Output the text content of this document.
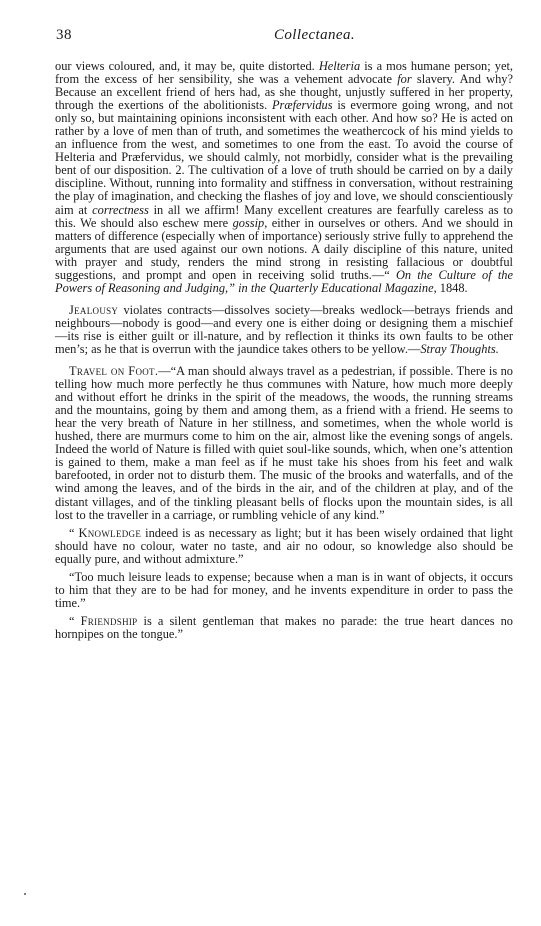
38	Collectanea.

our views coloured, and, it may be, quite distorted. Helteria is a mos humane person; yet, from the excess of her sensibility, she was a vehement advocate for slavery. And why? Because an excellent friend of hers had, as she thought, unjustly suffered in her property, through the exertions of the abolitionists. Præfervidus is evermore going wrong, and not only so, but maintaining opinions inconsistent with each other. And how so? He is acted on rather by a love of men than of truth, and sometimes the weathercock of his mind yields to an influence from the west, and sometimes to one from the east. To avoid the course of Helteria and Præfervidus, we should calmly, not morbidly, consider what is the prevailing bent of our disposition. 2. The cultivation of a love of truth should be carried on by a daily discipline. Without, running into formality and stiffness in conversation, without restraining the play of imagination, and checking the flashes of joy and love, we should conscientiously aim at correctness in all we affirm! Many excellent creatures are fearfully careless as to this. We should also eschew mere gossip, either in ourselves or others. And we should in matters of difference (especially when of importance) seriously strive fully to apprehend the arguments that are used against our own notions. A daily discipline of this nature, united with prayer and study, renders the mind strong in resisting fallacious or doubtful suggestions, and prompt and open in receiving solid truths.—“ On the Culture of the Powers of Reasoning and Judging,” in the Quarterly Educational Magazine, 1848.

Jealousy violates contracts—dissolves society—breaks wedlock—betrays friends and neighbours—nobody is good—and every one is either doing or designing them a mischief—its rise is either guilt or ill-nature, and by reflection it thinks its own faults to be other men’s; as he that is overrun with the jaundice takes others to be yellow.—Stray Thoughts.

Travel on Foot.—“A man should always travel as a pedestrian, if possible. There is no telling how much more perfectly he thus communes with Nature, how much more deeply and without effort he drinks in the spirit of the meadows, the woods, the running streams and the mountains, going by them and among them, as a friend with a friend. He seems to hear the very breath of Nature in her stillness, and sometimes, when the whole world is hushed, there are murmurs come to him on the air, almost like the evening songs of angels. Indeed the world of Nature is filled with quiet soul-like sounds, which, when one’s attention is gained to them, make a man feel as if he must take his shoes from his feet and walk barefooted, in order not to disturb them. The music of the brooks and waterfalls, and of the wind among the leaves, and of the birds in the air, and of the children at play, and of the distant villages, and of the tinkling pleasant bells of flocks upon the mountain sides, is all lost to the traveller in a carriage, or rumbling vehicle of any kind.”

“ Knowledge indeed is as necessary as light; but it has been wisely ordained that light should have no colour, water no taste, and air no odour, so knowledge also should be equally pure, and without admixture.”

“Too much leisure leads to expense; because when a man is in want of objects, it occurs to him that they are to be had for money, and he invents expenditure in order to pass the time.”

“ Friendship is a silent gentleman that makes no parade: the true heart dances no hornpipes on the tongue.”
